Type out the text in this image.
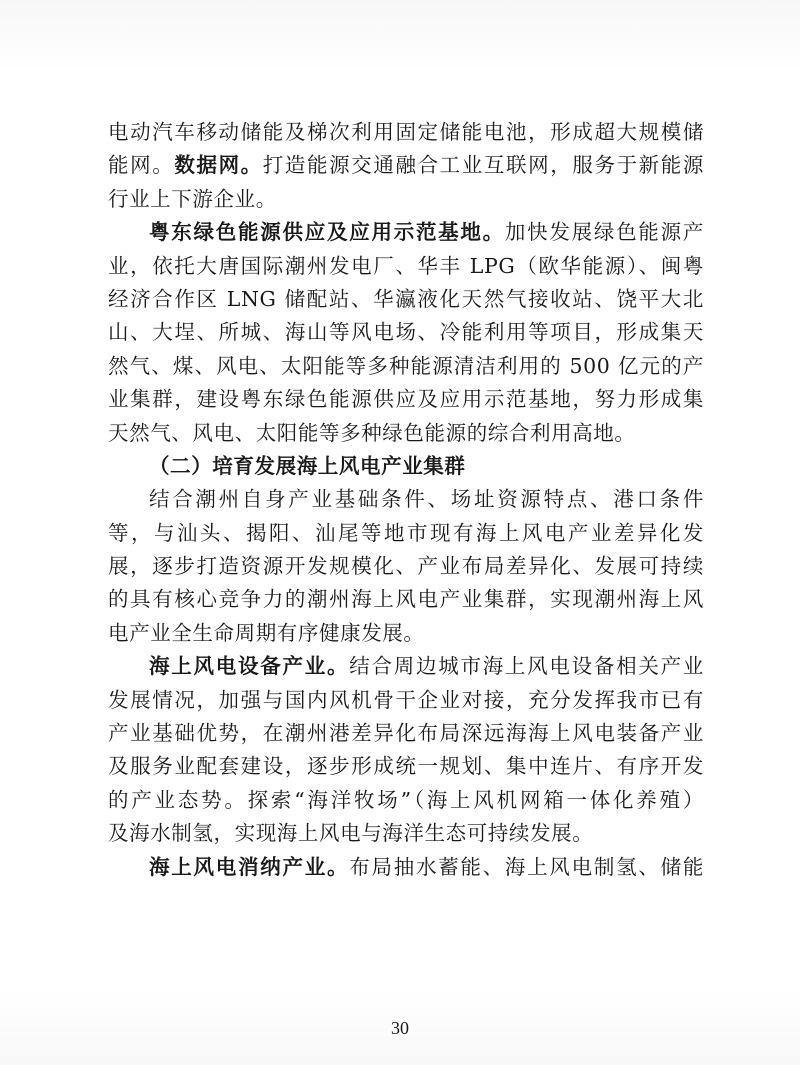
电动汽车移动储能及梯次利用固定储能电池，形成超大规模储
能网。数据网。打造能源交通融合工业互联网，服务于新能源
行业上下游企业。
粤东绿色能源供应及应用示范基地。加快发展绿色能源产
业，依托大唐国际潮州发电厂、华丰 LPG（欧华能源）、闽粤
经济合作区 LNG 储配站、华瀛液化天然气接收站、饶平大北
山、大埕、所城、海山等风电场、冷能利用等项目，形成集天
然气、煤、风电、太阳能等多种能源清洁利用的 500 亿元的产
业集群，建设粤东绿色能源供应及应用示范基地，努力形成集
天然气、风电、太阳能等多种绿色能源的综合利用高地。
（二）培育发展海上风电产业集群
结合潮州自身产业基础条件、场址资源特点、港口条件
等，与汕头、揭阳、汕尾等地市现有海上风电产业差异化发
展，逐步打造资源开发规模化、产业布局差异化、发展可持续
的具有核心竞争力的潮州海上风电产业集群，实现潮州海上风
电产业全生命周期有序健康发展。
海上风电设备产业。结合周边城市海上风电设备相关产业
发展情况，加强与国内风机骨干企业对接，充分发挥我市已有
产业基础优势，在潮州港差异化布局深远海海上风电装备产业
及服务业配套建设，逐步形成统一规划、集中连片、有序开发
的产业态势。探索“海洋牧场”（海上风机网箱一体化养殖）
及海水制氢，实现海上风电与海洋生态可持续发展。
海上风电消纳产业。布局抽水蓄能、海上风电制氢、储能
30
